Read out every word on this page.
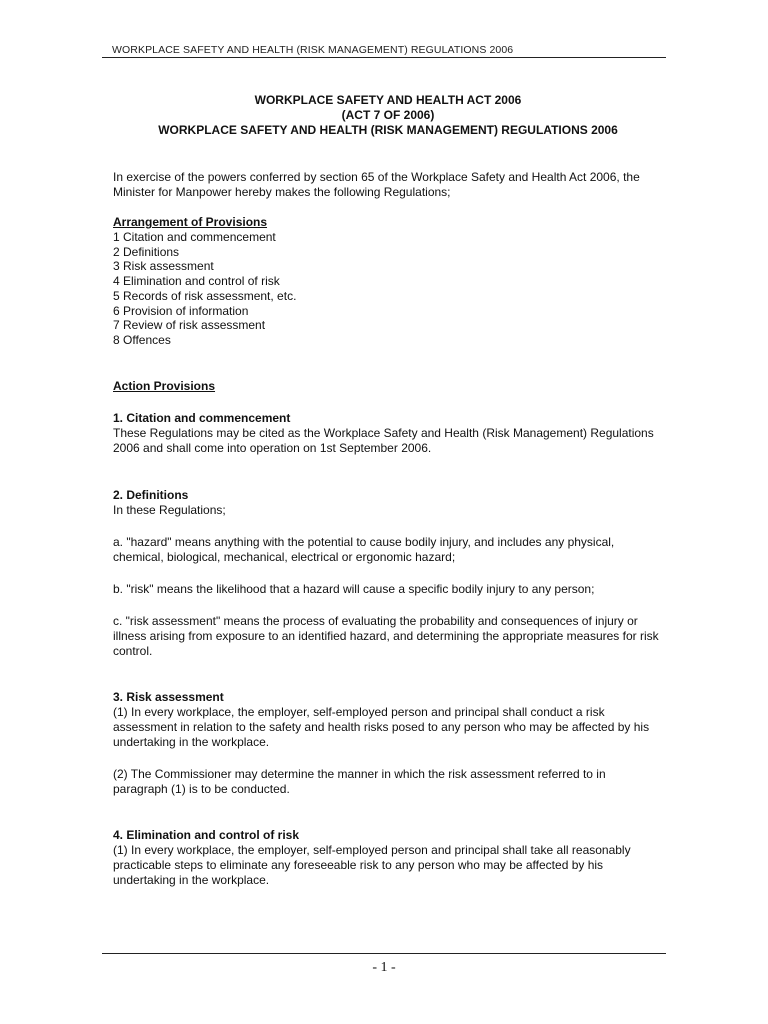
WORKPLACE SAFETY AND HEALTH (RISK MANAGEMENT) REGULATIONS 2006
WORKPLACE SAFETY AND HEALTH ACT 2006
(ACT 7 OF 2006)
WORKPLACE SAFETY AND HEALTH (RISK MANAGEMENT) REGULATIONS 2006

In exercise of the powers conferred by section 65 of the Workplace Safety and Health Act 2006, the Minister for Manpower hereby makes the following Regulations;

Arrangement of Provisions
1 Citation and commencement
2 Definitions
3 Risk assessment
4 Elimination and control of risk
5 Records of risk assessment, etc.
6 Provision of information
7 Review of risk assessment
8 Offences
Action Provisions
1. Citation and commencement

These Regulations may be cited as the Workplace Safety and Health (Risk Management) Regulations 2006 and shall come into operation on 1st September 2006.

2. Definitions

In these Regulations;

a. "hazard" means anything with the potential to cause bodily injury, and includes any physical, chemical, biological, mechanical, electrical or ergonomic hazard;

b. "risk" means the likelihood that a hazard will cause a specific bodily injury to any person;

c. "risk assessment" means the process of evaluating the probability and consequences of injury or illness arising from exposure to an identified hazard, and determining the appropriate measures for risk control.

3. Risk assessment

(1) In every workplace, the employer, self-employed person and principal shall conduct a risk assessment in relation to the safety and health risks posed to any person who may be affected by his undertaking in the workplace.

(2) The Commissioner may determine the manner in which the risk assessment referred to in paragraph (1) is to be conducted.

4. Elimination and control of risk

(1) In every workplace, the employer, self-employed person and principal shall take all reasonably practicable steps to eliminate any foreseeable risk to any person who may be affected by his undertaking in the workplace.

- 1 -
